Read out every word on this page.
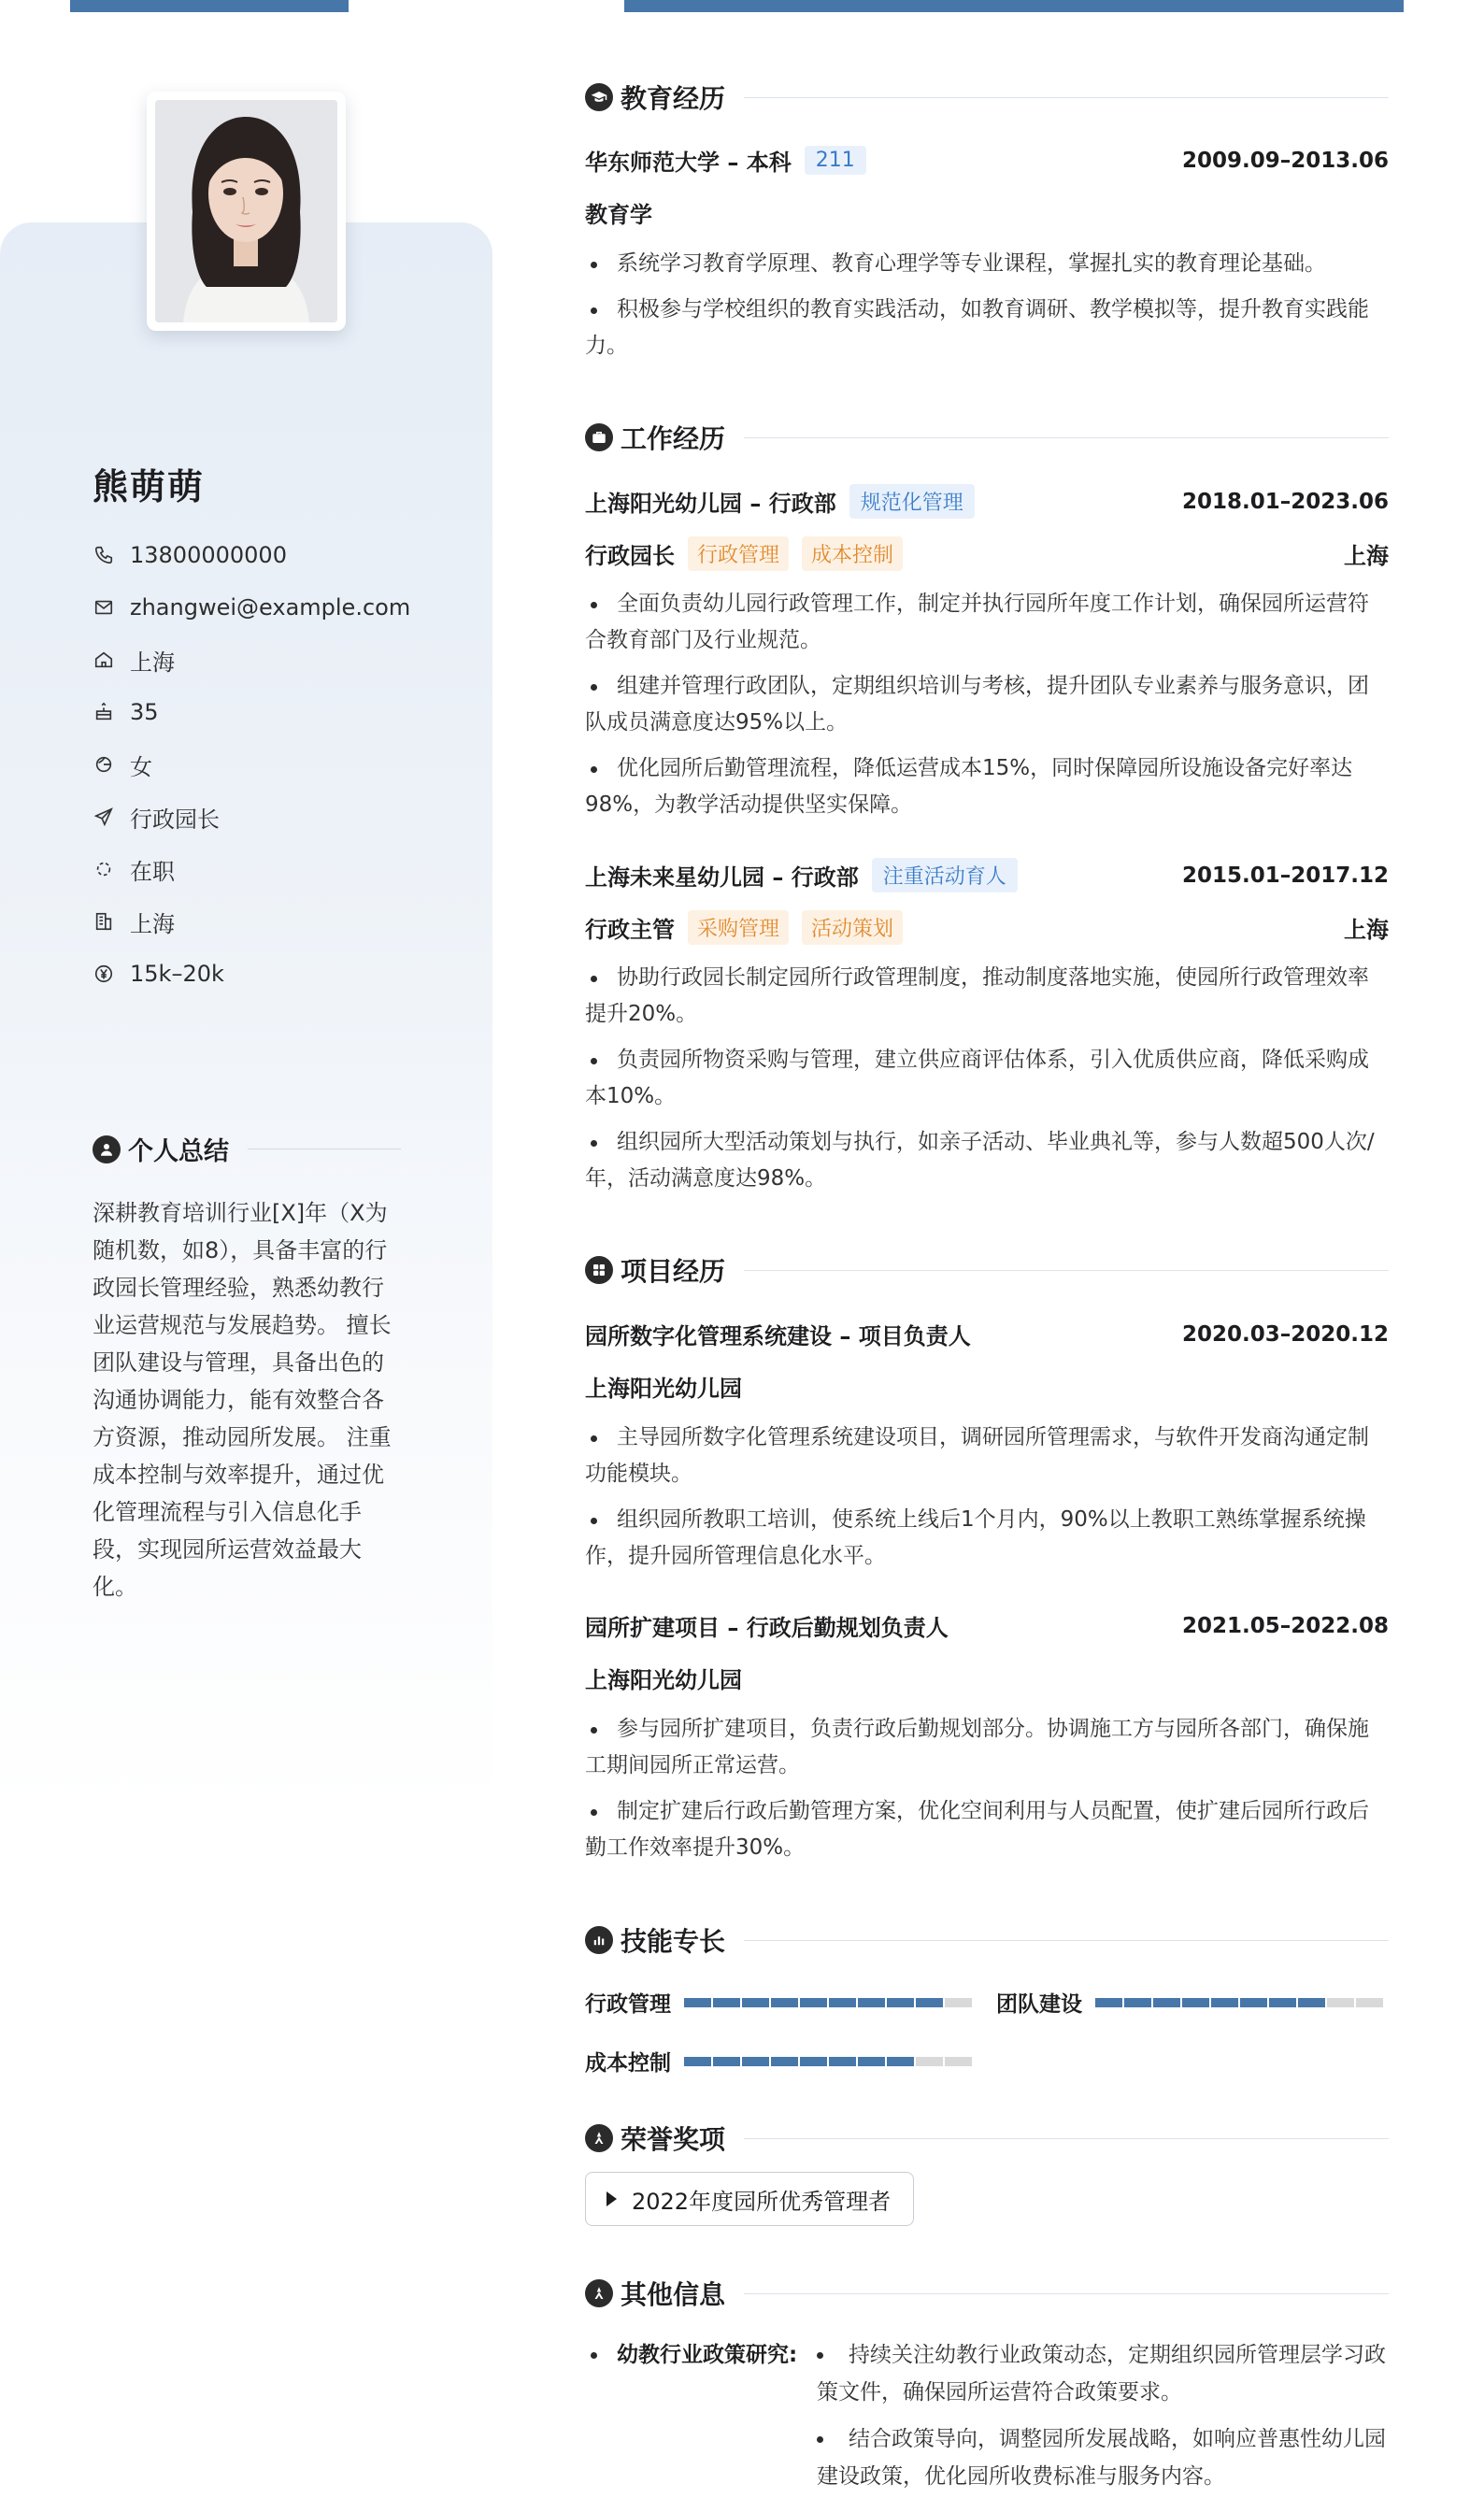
熊萌萌
13800000000
zhangwei@example.com
上海
35
女
行政园长
在职
上海
15k–20k
个人总结
深耕教育培训行业[X]年（X为随机数，如8），具备丰富的行政园长管理经验，熟悉幼教行业运营规范与发展趋势。 擅长团队建设与管理，具备出色的沟通协调能力，能有效整合各方资源，推动园所发展。 注重成本控制与效率提升，通过优化管理流程与引入信息化手段，实现园所运营效益最大化。
教育经历
华东师范大学 – 本科	211	2009.09–2013.06
教育学
系统学习教育学原理、教育心理学等专业课程，掌握扎实的教育理论基础。
积极参与学校组织的教育实践活动，如教育调研、教学模拟等，提升教育实践能力。
工作经历
上海阳光幼儿园 – 行政部	规范化管理	2018.01–2023.06
行政园长	行政管理	成本控制	上海
全面负责幼儿园行政管理工作，制定并执行园所年度工作计划，确保园所运营符合教育部门及行业规范。
组建并管理行政团队，定期组织培训与考核，提升团队专业素养与服务意识，团队成员满意度达95%以上。
优化园所后勤管理流程，降低运营成本15%，同时保障园所设施设备完好率达98%，为教学活动提供坚实保障。
上海未来星幼儿园 – 行政部	注重活动育人	2015.01–2017.12
行政主管	采购管理	活动策划	上海
协助行政园长制定园所行政管理制度，推动制度落地实施，使园所行政管理效率提升20%。
负责园所物资采购与管理，建立供应商评估体系，引入优质供应商，降低采购成本10%。
组织园所大型活动策划与执行，如亲子活动、毕业典礼等，参与人数超500人次/年，活动满意度达98%。
项目经历
园所数字化管理系统建设 – 项目负责人	2020.03–2020.12
上海阳光幼儿园
主导园所数字化管理系统建设项目，调研园所管理需求，与软件开发商沟通定制功能模块。
组织园所教职工培训，使系统上线后1个月内，90%以上教职工熟练掌握系统操作，提升园所管理信息化水平。
园所扩建项目 – 行政后勤规划负责人	2021.05–2022.08
上海阳光幼儿园
参与园所扩建项目，负责行政后勤规划部分。协调施工方与园所各部门，确保施工期间园所正常运营。
制定扩建后行政后勤管理方案，优化空间利用与人员配置，使扩建后园所行政后勤工作效率提升30%。
技能专长
行政管理	团队建设
成本控制
荣誉奖项
2022年度园所优秀管理者
其他信息
幼教行业政策研究:	持续关注幼教行业政策动态，定期组织园所管理层学习政策文件，确保园所运营符合政策要求。
结合政策导向，调整园所发展战略，如响应普惠性幼儿园建设政策，优化园所收费标准与服务内容。
